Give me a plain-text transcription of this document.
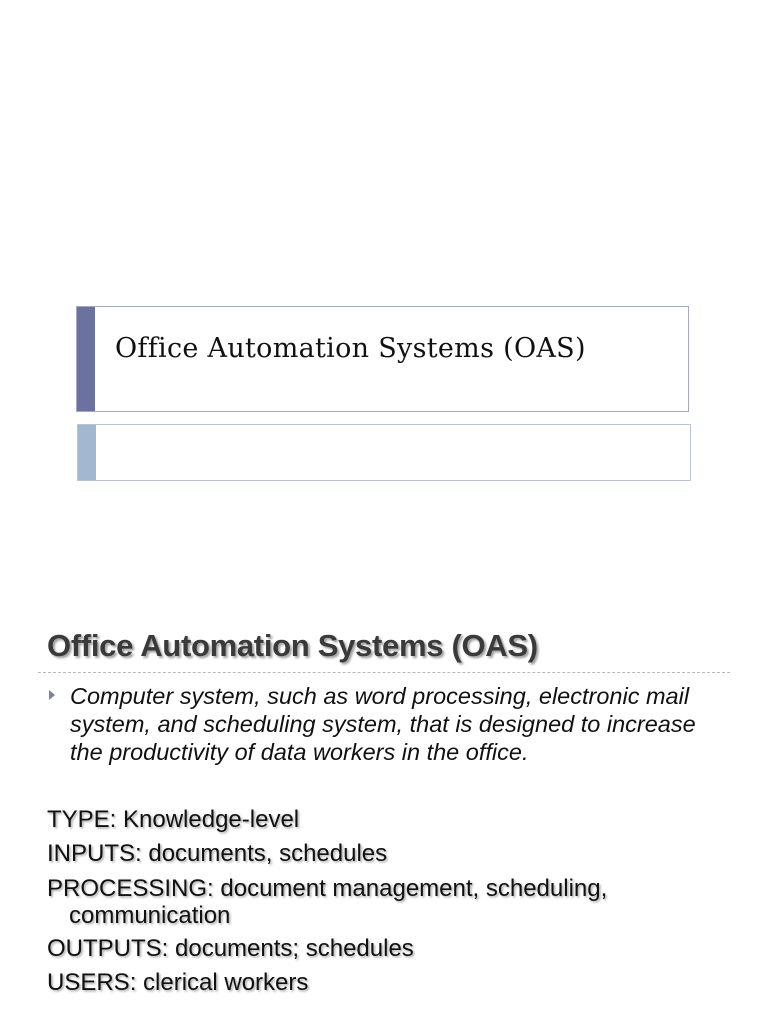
Office Automation Systems (OAS)
Office Automation Systems (OAS)
Computer system, such as word processing, electronic mail system, and scheduling system, that is designed to increase the productivity of data workers in the office.
TYPE: Knowledge-level
INPUTS: documents, schedules
PROCESSING: document management, scheduling,
communication
OUTPUTS: documents; schedules
USERS: clerical workers
